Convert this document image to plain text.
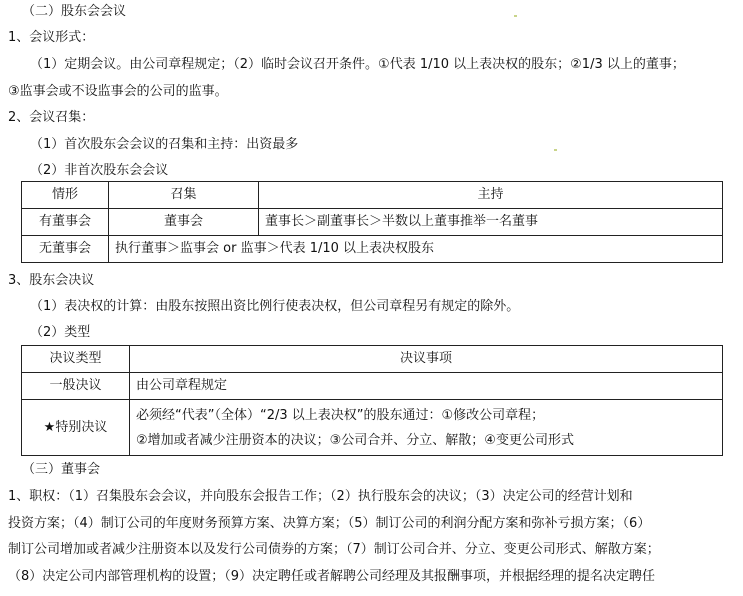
（二）股东会会议
1、会议形式：
（1）定期会议。由公司章程规定；（2）临时会议召开条件。①代表 1/10 以上表决权的股东；②1/3 以上的董事；
③监事会或不设监事会的公司的监事。
2、会议召集：
（1）首次股东会会议的召集和主持：出资最多
（2）非首次股东会会议
情形	召集	主持
有董事会	董事会	董事长＞副董事长＞半数以上董事推举一名董事
无董事会	执行董事＞监事会 or 监事＞代表 1/10 以上表决权股东	
3、股东会决议
（1）表决权的计算：由股东按照出资比例行使表决权，但公司章程另有规定的除外。
（2）类型
决议类型	决议事项
一般决议	由公司章程规定
★特别决议	必须经“代表”（全体）“2/3 以上表决权”的股东通过：①修改公司章程；
②增加或者减少注册资本的决议；③公司合并、分立、解散；④变更公司形式
（三）董事会
1、职权：（1）召集股东会会议，并向股东会报告工作；（2）执行股东会的决议；（3）决定公司的经营计划和
投资方案；（4）制订公司的年度财务预算方案、决算方案；（5）制订公司的利润分配方案和弥补亏损方案；（6）
制订公司增加或者减少注册资本以及发行公司债券的方案；（7）制订公司合并、分立、变更公司形式、解散方案；
（8）决定公司内部管理机构的设置；（9）决定聘任或者解聘公司经理及其报酬事项，并根据经理的提名决定聘任
